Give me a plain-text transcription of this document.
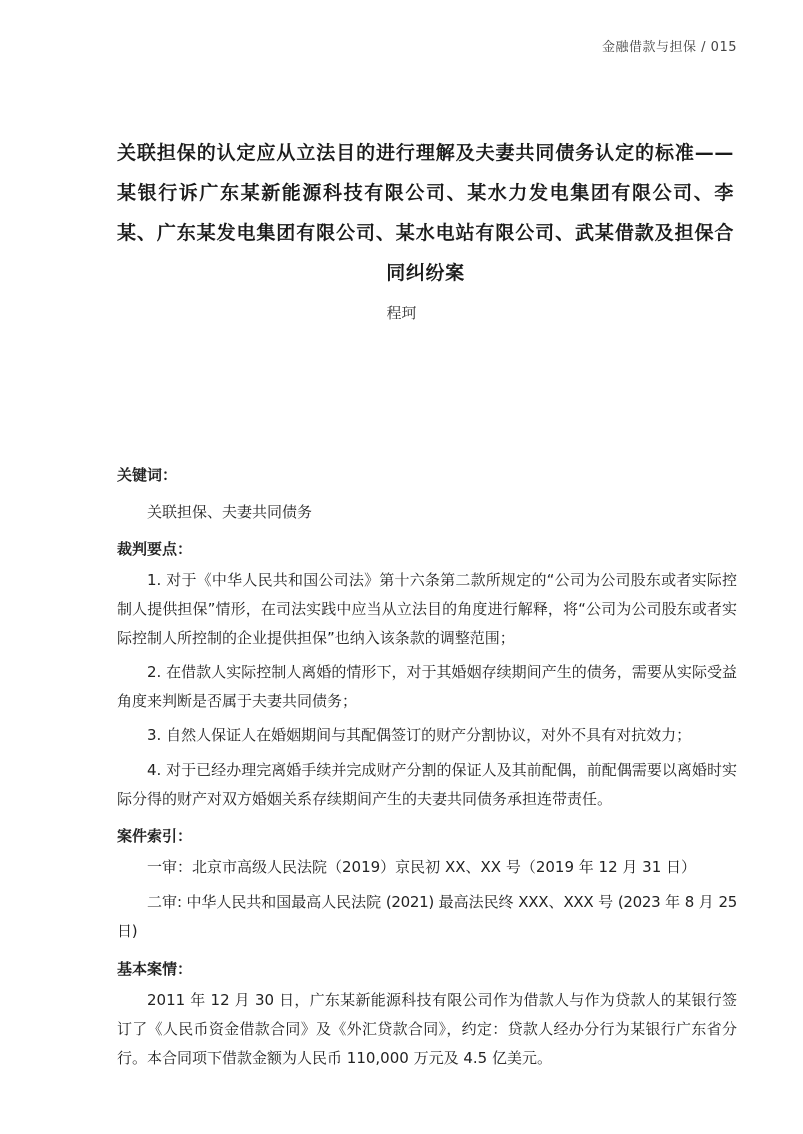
金融借款与担保 / 015
关联担保的认定应从立法目的进行理解及夫妻共同债务认定的标准——某银行诉广东某新能源科技有限公司、某水力发电集团有限公司、李某、广东某发电集团有限公司、某水电站有限公司、武某借款及担保合同纠纷案
程珂
关键词：
关联担保、夫妻共同债务
裁判要点：

1. 对于《中华人民共和国公司法》第十六条第二款所规定的“公司为公司股东或者实际控制人提供担保”情形，在司法实践中应当从立法目的角度进行解释，将“公司为公司股东或者实际控制人所控制的企业提供担保”也纳入该条款的调整范围；

2. 在借款人实际控制人离婚的情形下，对于其婚姻存续期间产生的债务，需要从实际受益角度来判断是否属于夫妻共同债务；

3. 自然人保证人在婚姻期间与其配偶签订的财产分割协议，对外不具有对抗效力；

4. 对于已经办理完离婚手续并完成财产分割的保证人及其前配偶，前配偶需要以离婚时实际分得的财产对双方婚姻关系存续期间产生的夫妻共同债务承担连带责任。

案件索引：

一审：北京市高级人民法院（2019）京民初 XX、XX 号（2019 年 12 月 31 日）

二审: 中华人民共和国最高人民法院 (2021) 最高法民终 XXX、XXX 号 (2023 年 8 月 25 日)

基本案情：

2011 年 12 月 30 日，广东某新能源科技有限公司作为借款人与作为贷款人的某银行签订了《人民币资金借款合同》及《外汇贷款合同》，约定：贷款人经办分行为某银行广东省分行。本合同项下借款金额为人民币 110,000 万元及 4.5 亿美元。
